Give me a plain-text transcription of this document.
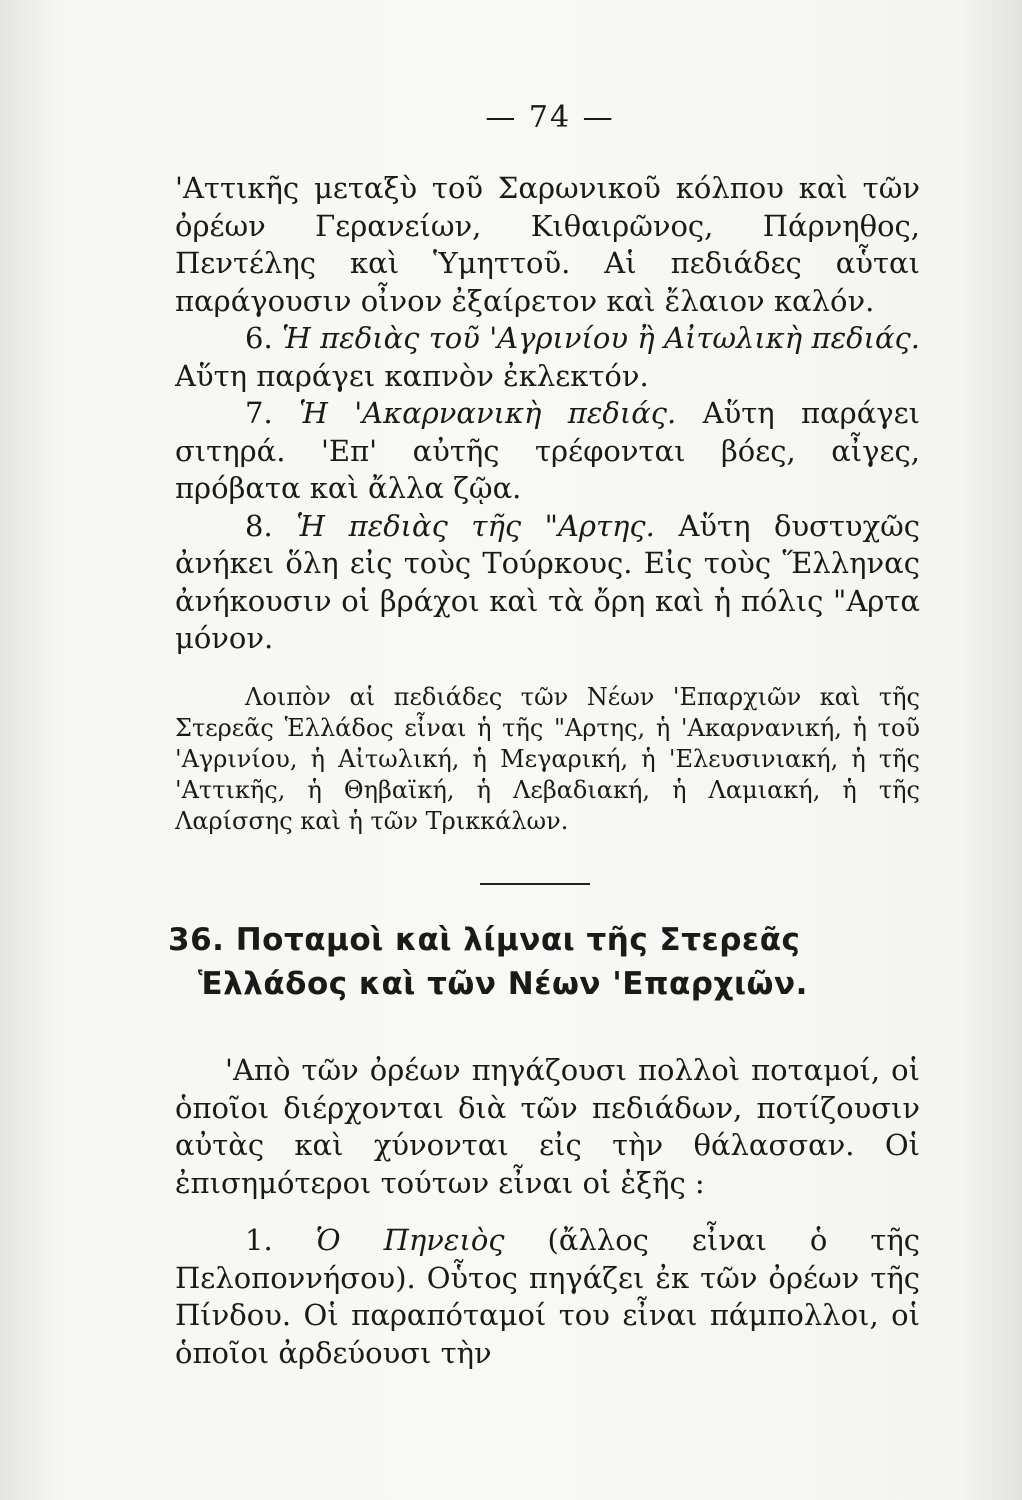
— 74 —

'Αττικῆς μεταξὺ τοῦ Σαρωνικοῦ κόλπου καὶ τῶν ὀρέων Γερανείων, Κιθαιρῶνος, Πάρνηθος, Πεντέλης καὶ Ὑμηττοῦ. Αἱ πεδιάδες αὗται παράγουσιν οἶνον ἐξαίρετον καὶ ἔλαιον καλόν.

6. Ἡ πεδιὰς τοῦ 'Αγρινίου ἢ Αἰτωλικὴ πεδιάς. Αὕτη παράγει καπνὸν ἐκλεκτόν.

7. Ἡ 'Ακαρνανικὴ πεδιάς. Αὕτη παράγει σιτηρά. 'Επ' αὐτῆς τρέφονται βόες, αἶγες, πρόβατα καὶ ἄλλα ζῷα.

8. Ἡ πεδιὰς τῆς "Αρτης. Αὕτη δυστυχῶς ἀνήκει ὅλη εἰς τοὺς Τούρκους. Εἰς τοὺς Ἕλληνας ἀνήκουσιν οἱ βράχοι καὶ τὰ ὄρη καὶ ἡ πόλις "Αρτα μόνον.

Λοιπὸν αἱ πεδιάδες τῶν Νέων 'Επαρχιῶν καὶ τῆς Στερεᾶς Ἑλλάδος εἶναι ἡ τῆς "Αρτης, ἡ 'Ακαρνανική, ἡ τοῦ 'Αγρινίου, ἡ Αἰτωλική, ἡ Μεγαρική, ἡ 'Ελευσινιακή, ἡ τῆς 'Αττικῆς, ἡ Θηβαϊκή, ἡ Λεβαδιακή, ἡ Λαμιακή, ἡ τῆς Λαρίσσης καὶ ἡ τῶν Τρικκάλων.

36. Ποταμοὶ καὶ λίμναι τῆς Στερεᾶς
Ἑλλάδος καὶ τῶν Νέων 'Επαρχιῶν.

'Απὸ τῶν ὀρέων πηγάζουσι πολλοὶ ποταμοί, οἱ ὁποῖοι διέρχονται διὰ τῶν πεδιάδων, ποτίζουσιν αὐτὰς καὶ χύνονται εἰς τὴν θάλασσαν. Οἱ ἐπισημότεροι τούτων εἶναι οἱ ἑξῆς :

1. Ὁ Πηνειὸς (ἄλλος εἶναι ὁ τῆς Πελοποννήσου). Οὗτος πηγάζει ἐκ τῶν ὀρέων τῆς Πίνδου. Οἱ παραπόταμοί του εἶναι πάμπολλοι, οἱ ὁποῖοι ἀρδεύουσι τὴν
